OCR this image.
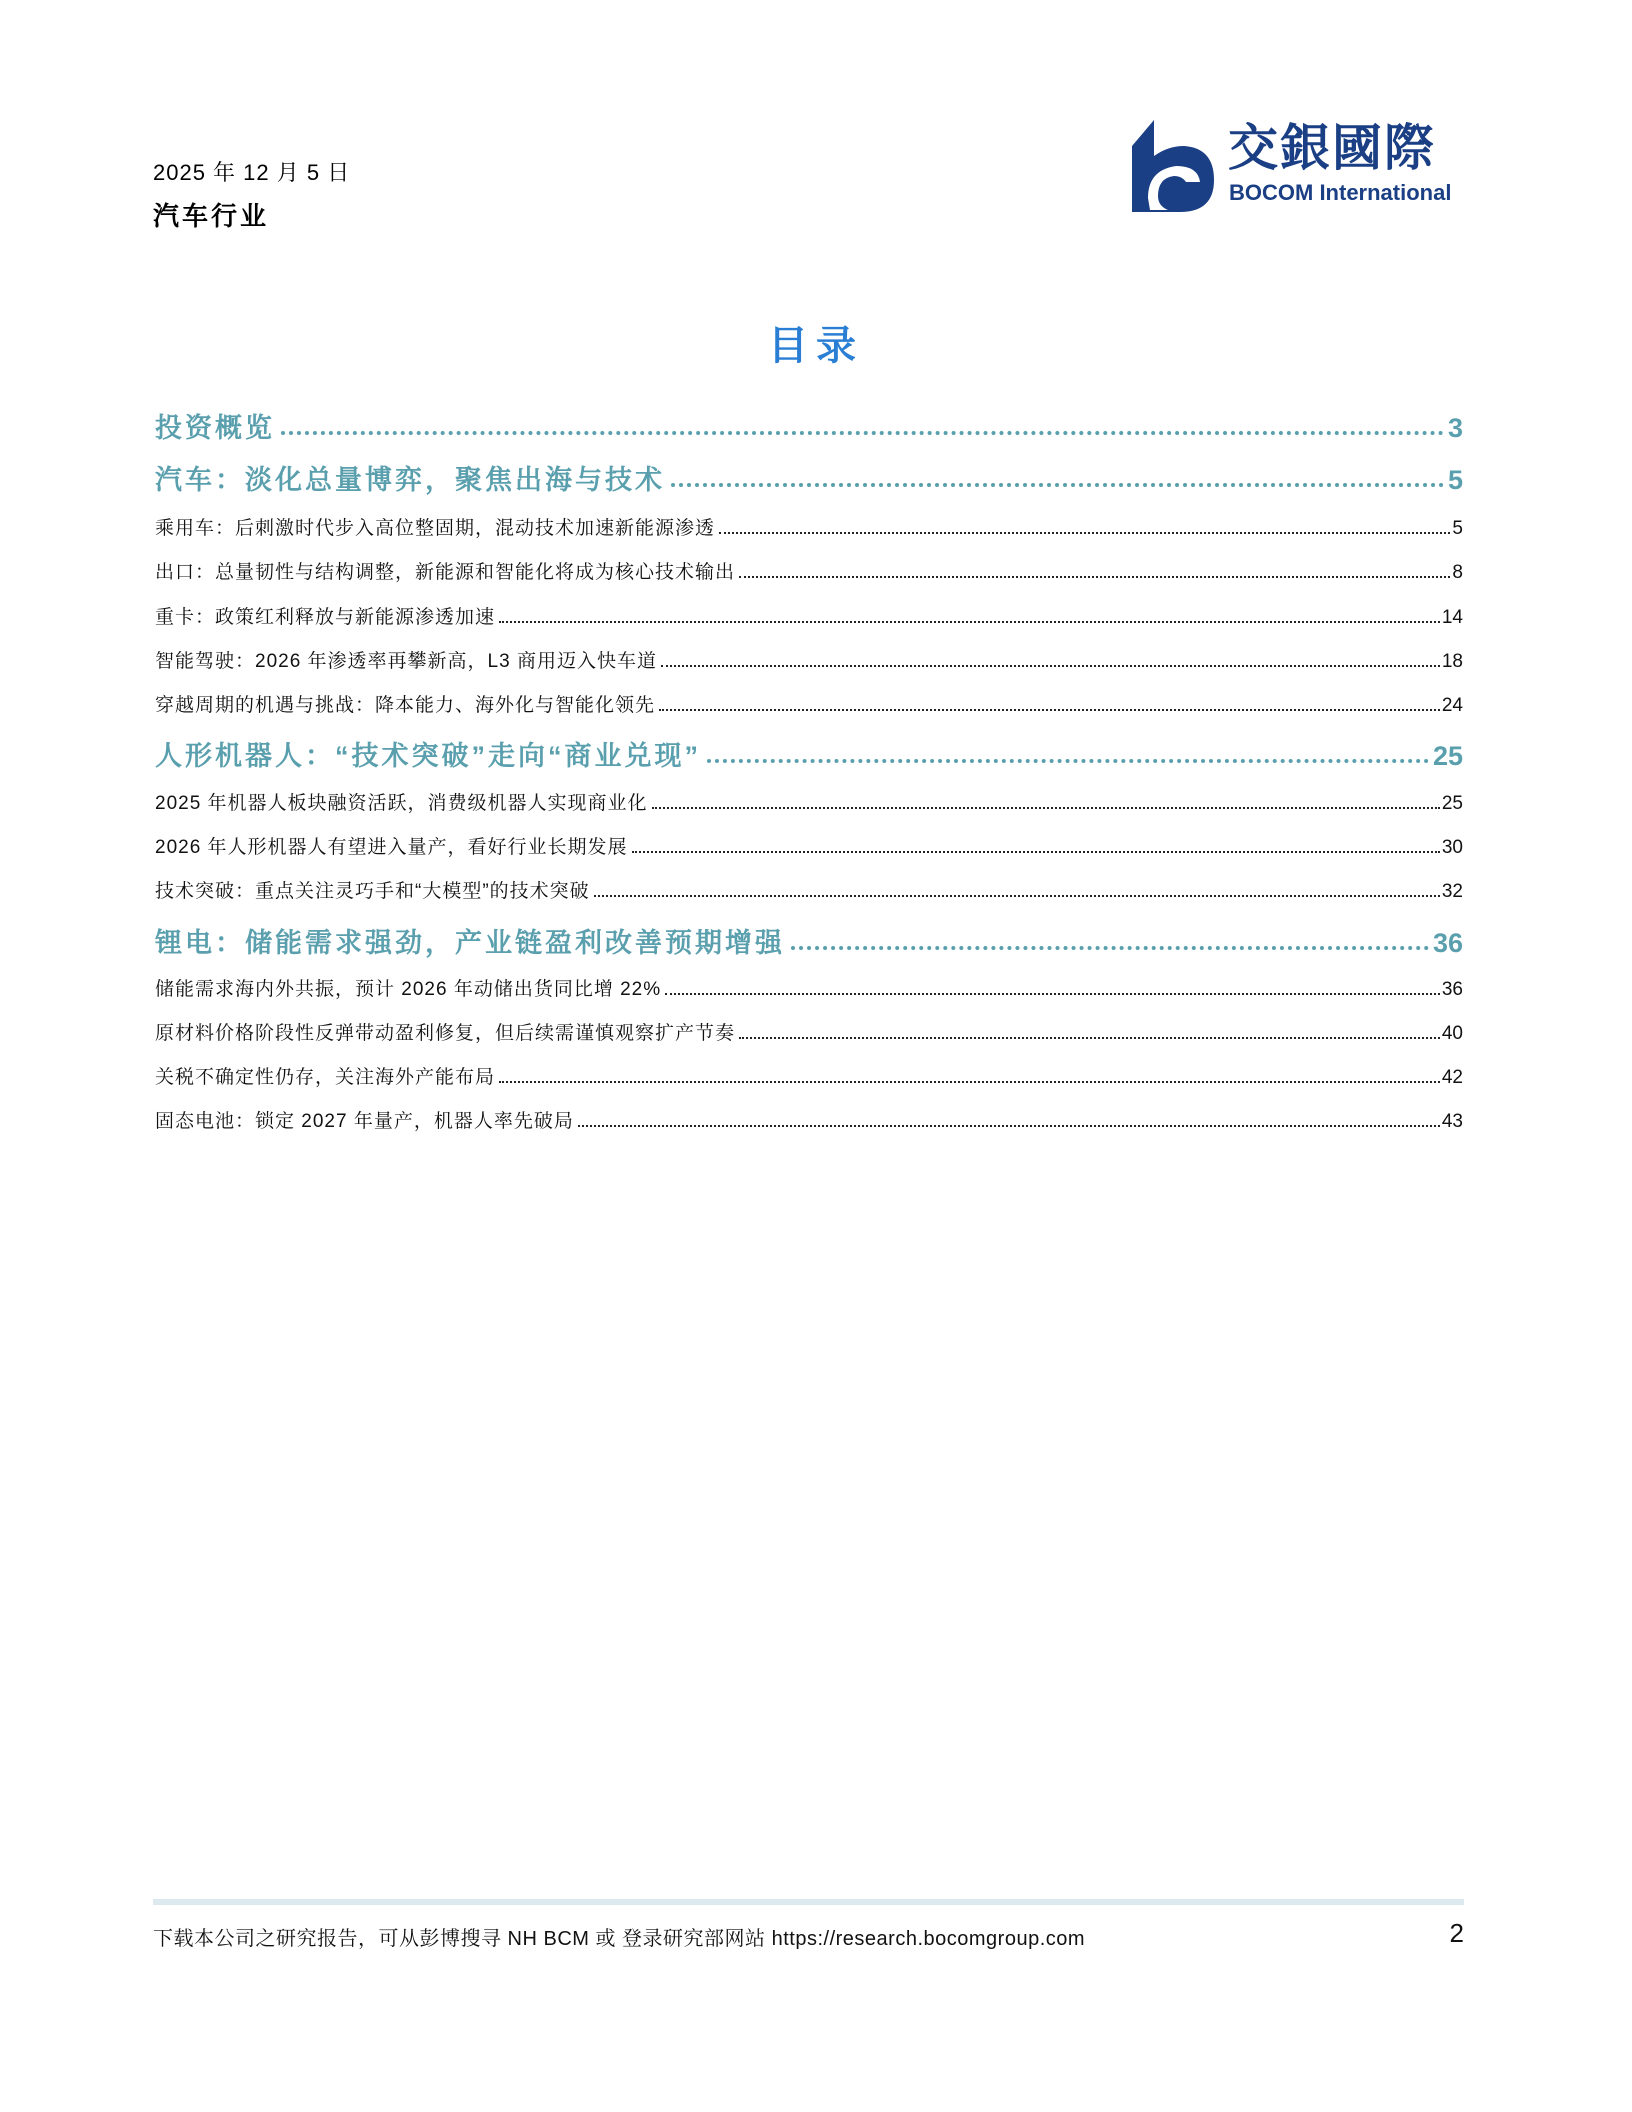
2025 年 12 月 5 日
汽车行业
交銀國際
BOCOM International
目录
投资概览	3
汽车：淡化总量博弈，聚焦出海与技术	5
乘用车：后刺激时代步入高位整固期，混动技术加速新能源渗透	5
出口：总量韧性与结构调整，新能源和智能化将成为核心技术输出	8
重卡：政策红利释放与新能源渗透加速	14
智能驾驶：2026 年渗透率再攀新高，L3 商用迈入快车道	18
穿越周期的机遇与挑战：降本能力、海外化与智能化领先	24
人形机器人：“技术突破”走向“商业兑现”	25
2025 年机器人板块融资活跃，消费级机器人实现商业化	25
2026 年人形机器人有望进入量产，看好行业长期发展	30
技术突破：重点关注灵巧手和“大模型”的技术突破	32
锂电：储能需求强劲，产业链盈利改善预期增强	36
储能需求海内外共振，预计 2026 年动储出货同比增 22%	36
原材料价格阶段性反弹带动盈利修复，但后续需谨慎观察扩产节奏	40
关税不确定性仍存，关注海外产能布局	42
固态电池：锁定 2027 年量产，机器人率先破局	43
下载本公司之研究报告，可从彭博搜寻 NH BCM 或 登录研究部网站 https://research.bocomgroup.com	2
